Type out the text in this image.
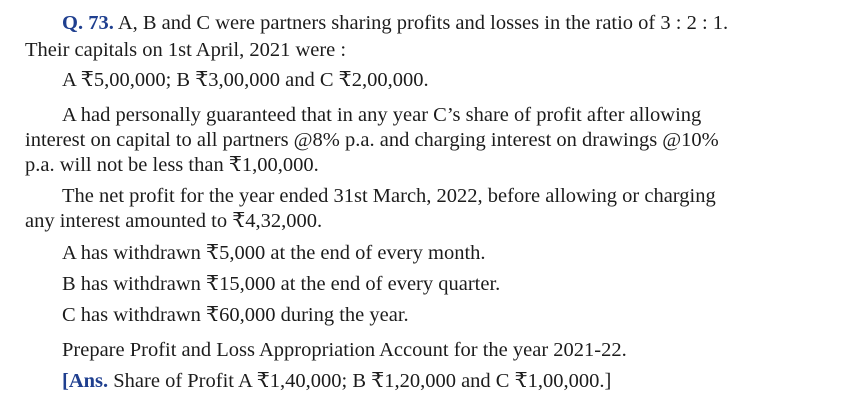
Q. 73. A, B and C were partners sharing profits and losses in the ratio of 3 : 2 : 1.
Their capitals on 1st April, 2021 were :
A ₹5,00,000; B ₹3,00,000 and C ₹2,00,000.
A had personally guaranteed that in any year C’s share of profit after allowing
interest on capital to all partners @8% p.a. and charging interest on drawings @10%
p.a. will not be less than ₹1,00,000.
The net profit for the year ended 31st March, 2022, before allowing or charging
any interest amounted to ₹4,32,000.
A has withdrawn ₹5,000 at the end of every month.
B has withdrawn ₹15,000 at the end of every quarter.
C has withdrawn ₹60,000 during the year.
Prepare Profit and Loss Appropriation Account for the year 2021-22.
[Ans. Share of Profit A ₹1,40,000; B ₹1,20,000 and C ₹1,00,000.]
